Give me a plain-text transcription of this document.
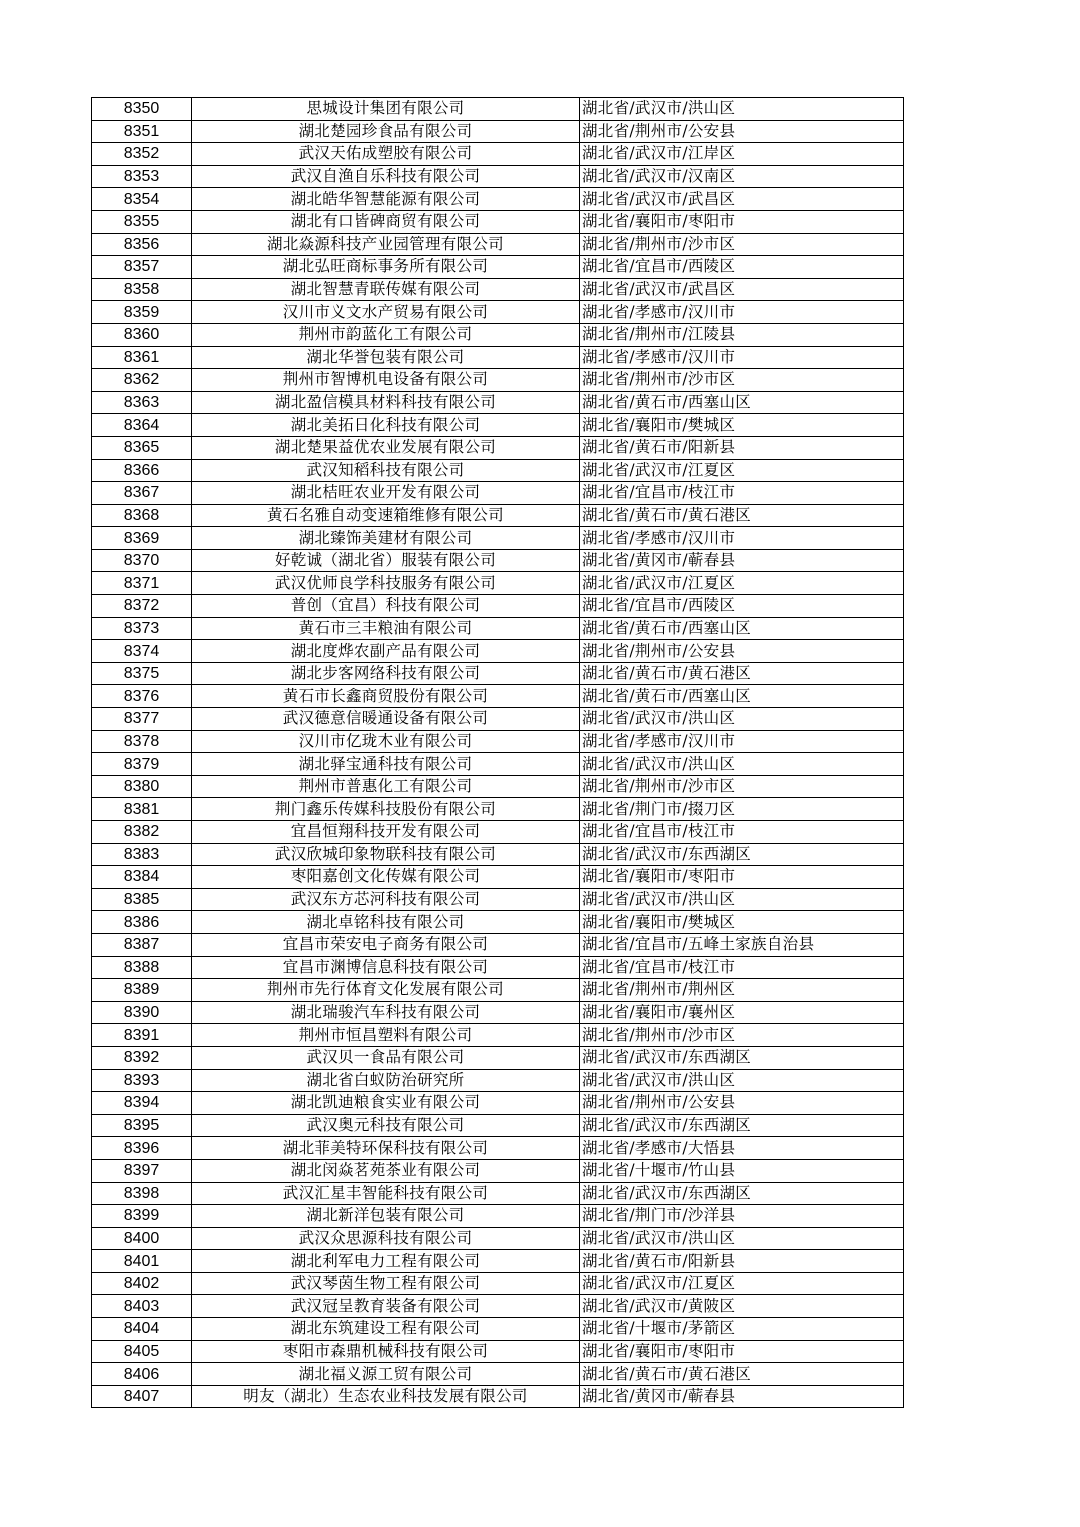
8350	思城设计集团有限公司	湖北省/武汉市/洪山区
8351	湖北楚园珍食品有限公司	湖北省/荆州市/公安县
8352	武汉天佑成塑胶有限公司	湖北省/武汉市/江岸区
8353	武汉自渔自乐科技有限公司	湖北省/武汉市/汉南区
8354	湖北皓华智慧能源有限公司	湖北省/武汉市/武昌区
8355	湖北有口皆碑商贸有限公司	湖北省/襄阳市/枣阳市
8356	湖北焱源科技产业园管理有限公司	湖北省/荆州市/沙市区
8357	湖北弘旺商标事务所有限公司	湖北省/宜昌市/西陵区
8358	湖北智慧青联传媒有限公司	湖北省/武汉市/武昌区
8359	汉川市义文水产贸易有限公司	湖北省/孝感市/汉川市
8360	荆州市韵蓝化工有限公司	湖北省/荆州市/江陵县
8361	湖北华誉包装有限公司	湖北省/孝感市/汉川市
8362	荆州市智博机电设备有限公司	湖北省/荆州市/沙市区
8363	湖北盈信模具材料科技有限公司	湖北省/黄石市/西塞山区
8364	湖北美拓日化科技有限公司	湖北省/襄阳市/樊城区
8365	湖北楚果益优农业发展有限公司	湖北省/黄石市/阳新县
8366	武汉知稻科技有限公司	湖北省/武汉市/江夏区
8367	湖北桔旺农业开发有限公司	湖北省/宜昌市/枝江市
8368	黄石名雅自动变速箱维修有限公司	湖北省/黄石市/黄石港区
8369	湖北臻饰美建材有限公司	湖北省/孝感市/汉川市
8370	好乾诚（湖北省）服装有限公司	湖北省/黄冈市/蕲春县
8371	武汉优师良学科技服务有限公司	湖北省/武汉市/江夏区
8372	普创（宜昌）科技有限公司	湖北省/宜昌市/西陵区
8373	黄石市三丰粮油有限公司	湖北省/黄石市/西塞山区
8374	湖北度烨农副产品有限公司	湖北省/荆州市/公安县
8375	湖北步客网络科技有限公司	湖北省/黄石市/黄石港区
8376	黄石市长鑫商贸股份有限公司	湖北省/黄石市/西塞山区
8377	武汉德意信暖通设备有限公司	湖北省/武汉市/洪山区
8378	汉川市亿珑木业有限公司	湖北省/孝感市/汉川市
8379	湖北驿宝通科技有限公司	湖北省/武汉市/洪山区
8380	荆州市普惠化工有限公司	湖北省/荆州市/沙市区
8381	荆门鑫乐传媒科技股份有限公司	湖北省/荆门市/掇刀区
8382	宜昌恒翔科技开发有限公司	湖北省/宜昌市/枝江市
8383	武汉欣城印象物联科技有限公司	湖北省/武汉市/东西湖区
8384	枣阳嘉创文化传媒有限公司	湖北省/襄阳市/枣阳市
8385	武汉东方芯河科技有限公司	湖北省/武汉市/洪山区
8386	湖北卓铭科技有限公司	湖北省/襄阳市/樊城区
8387	宜昌市荣安电子商务有限公司	湖北省/宜昌市/五峰土家族自治县
8388	宜昌市渊博信息科技有限公司	湖北省/宜昌市/枝江市
8389	荆州市先行体育文化发展有限公司	湖北省/荆州市/荆州区
8390	湖北瑞骏汽车科技有限公司	湖北省/襄阳市/襄州区
8391	荆州市恒昌塑料有限公司	湖北省/荆州市/沙市区
8392	武汉贝一食品有限公司	湖北省/武汉市/东西湖区
8393	湖北省白蚁防治研究所	湖北省/武汉市/洪山区
8394	湖北凯迪粮食实业有限公司	湖北省/荆州市/公安县
8395	武汉奥元科技有限公司	湖北省/武汉市/东西湖区
8396	湖北菲美特环保科技有限公司	湖北省/孝感市/大悟县
8397	湖北闵焱茗苑茶业有限公司	湖北省/十堰市/竹山县
8398	武汉汇星丰智能科技有限公司	湖北省/武汉市/东西湖区
8399	湖北新洋包装有限公司	湖北省/荆门市/沙洋县
8400	武汉众思源科技有限公司	湖北省/武汉市/洪山区
8401	湖北利军电力工程有限公司	湖北省/黄石市/阳新县
8402	武汉琴茵生物工程有限公司	湖北省/武汉市/江夏区
8403	武汉冠呈教育装备有限公司	湖北省/武汉市/黄陂区
8404	湖北东筑建设工程有限公司	湖北省/十堰市/茅箭区
8405	枣阳市森鼎机械科技有限公司	湖北省/襄阳市/枣阳市
8406	湖北福义源工贸有限公司	湖北省/黄石市/黄石港区
8407	明友（湖北）生态农业科技发展有限公司	湖北省/黄冈市/蕲春县
